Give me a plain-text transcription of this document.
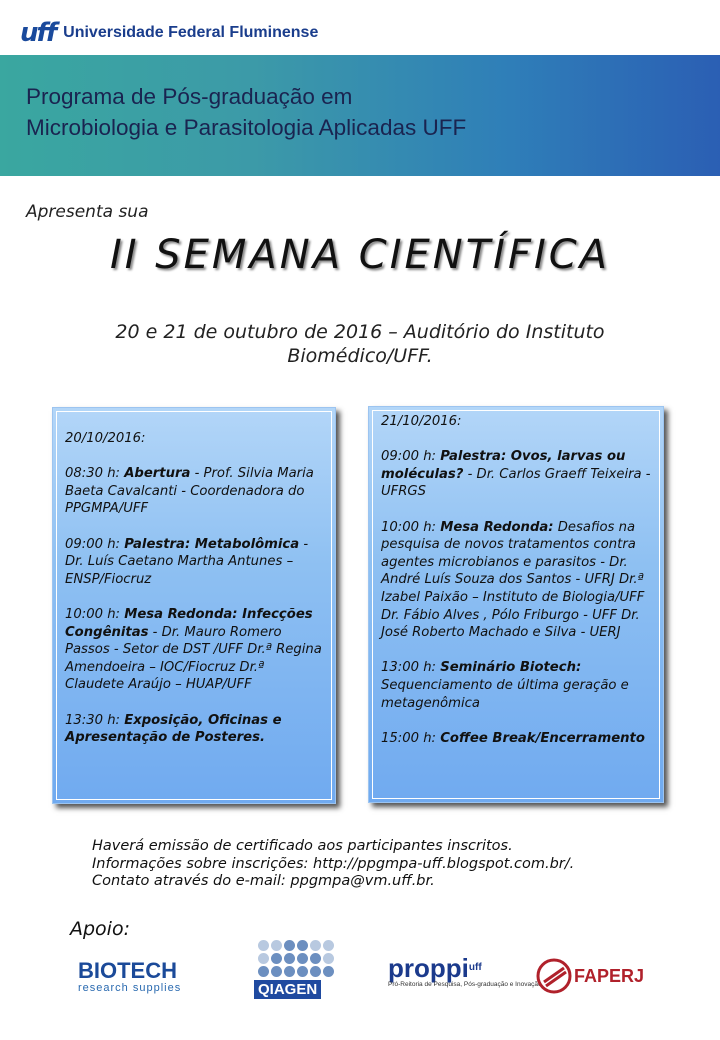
uff Universidade Federal Fluminense
Programa de Pós-graduação em
Microbiologia e Parasitologia Aplicadas UFF
Apresenta sua
II SEMANA CIENTÍFICA
20 e 21 de outubro de 2016 – Auditório do Instituto
Biomédico/UFF.
20/10/2016:
08:30 h: Abertura - Prof. Silvia Maria Baeta Cavalcanti - Coordenadora do PPGMPA/UFF
09:00 h: Palestra: Metabolômica - Dr. Luís Caetano Martha Antunes – ENSP/Fiocruz
10:00 h: Mesa Redonda: Infecções Congênitas - Dr. Mauro Romero Passos - Setor de DST /UFF Dr.ª Regina Amendoeira – IOC/Fiocruz Dr.ª Claudete Araújo – HUAP/UFF
13:30 h: Exposição, Oficinas e Apresentação de Posteres.
21/10/2016:
09:00 h: Palestra: Ovos, larvas ou moléculas? - Dr. Carlos Graeff Teixeira - UFRGS
10:00 h: Mesa Redonda: Desafios na pesquisa de novos tratamentos contra agentes microbianos e parasitos - Dr. André Luís Souza dos Santos - UFRJ Dr.ª Izabel Paixão – Instituto de Biologia/UFF Dr. Fábio Alves , Pólo Friburgo - UFF Dr. José Roberto Machado e Silva - UERJ
13:00 h: Seminário Biotech: Sequenciamento de última geração e metagenômica
15:00 h: Coffee Break/Encerramento
Haverá emissão de certificado aos participantes inscritos.
Informações sobre inscrições: http://ppgmpa-uff.blogspot.com.br/.
Contato através do e-mail: ppgmpa@vm.uff.br.
Apoio:
BIOTECH
research supplies	QIAGEN
proppi$^{uff}$
Pró-Reitoria de Pesquisa, Pós-graduação e Inovação FAPERJ
